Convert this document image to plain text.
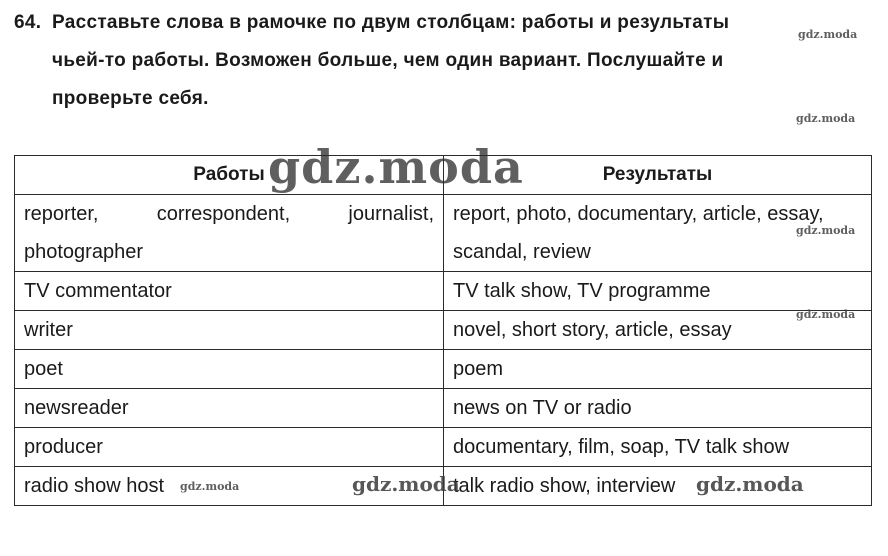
64. Расставьте слова в рамочке по двум столбцам: работы и результаты
чьей-то работы. Возможен больше, чем один вариант. Послушайте и
проверьте себя.
Работы	Результаты
reporter, correspondent, journalist, photographer	report, photo, documentary, article, essay, scandal, review
TV commentator	TV talk show, TV programme
writer	novel, short story, article, essay
poet	poem
newsreader	news on TV or radio
producer	documentary, film, soap, TV talk show
radio show host	talk radio show, interview
gdz.moda
gdz.moda
gdz.moda
gdz.moda
gdz.moda
gdz.moda	gdz.moda	gdz.moda
